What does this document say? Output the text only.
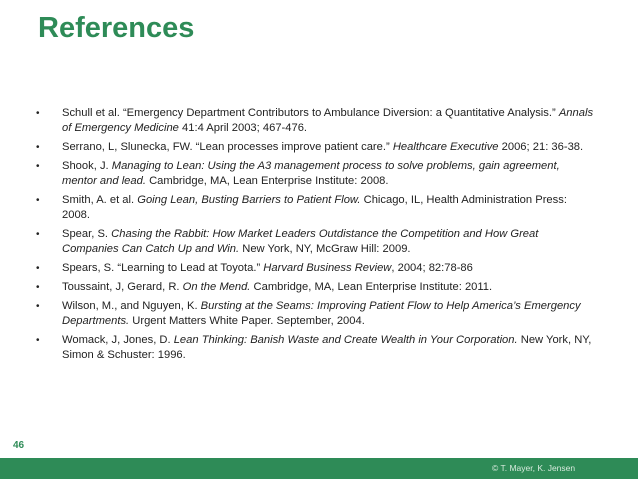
References
• Schull et al. “Emergency Department Contributors to Ambulance Diversion: a Quantitative Analysis.” Annals of Emergency Medicine 41:4 April 2003; 467-476.
• Serrano, L, Slunecka, FW. “Lean processes improve patient care.” Healthcare Executive 2006; 21: 36-38.
• Shook, J. Managing to Lean: Using the A3 management process to solve problems, gain agreement, mentor and lead. Cambridge, MA, Lean Enterprise Institute: 2008.
• Smith, A. et al. Going Lean, Busting Barriers to Patient Flow. Chicago, IL, Health Administration Press: 2008.
• Spear, S. Chasing the Rabbit: How Market Leaders Outdistance the Competition and How Great Companies Can Catch Up and Win. New York, NY, McGraw Hill: 2009.
• Spears, S. “Learning to Lead at Toyota.” Harvard Business Review, 2004; 82:78-86
• Toussaint, J, Gerard, R. On the Mend. Cambridge, MA, Lean Enterprise Institute: 2011.
• Wilson, M., and Nguyen, K. Bursting at the Seams: Improving Patient Flow to Help America’s Emergency Departments. Urgent Matters White Paper. September, 2004.
• Womack, J, Jones, D. Lean Thinking: Banish Waste and Create Wealth in Your Corporation. New York, NY, Simon & Schuster: 1996.
46
© T. Mayer, K. Jensen
